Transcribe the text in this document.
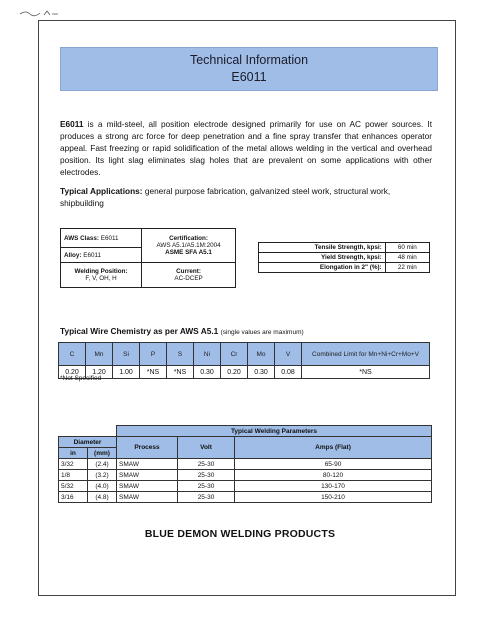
Technical Information
E6011
E6011 is a mild-steel, all position electrode designed primarily for use on AC power sources. It produces a strong arc force for deep penetration and a fine spray transfer that enhances operator appeal. Fast freezing or rapid solidification of the metal allows welding in the vertical and overhead position. Its light slag eliminates slag holes that are prevalent on some applications with other electrodes.
Typical Applications: general purpose fabrication, galvanized steel work, structural work, shipbuilding
AWS Class: E6011	Certification:
AWS A5.1/A5.1M:2004
ASME SFA A5.1
Alloy: E6011	
Welding Position:
F, V, OH, H	Current:
AC-DCEP
Tensile Strength, kpsi:	60 min
Yield Strength, kpsi:	48 min
Elongation in 2" (%):	22 min
Typical Wire Chemistry as per AWS A5.1 (single values are maximum)
C	Mn	Si	P	S	Ni	Cr	Mo	V	Combined Limit for Mn+Ni+Cr+Mo+V
0.20	1.20	1.00	*NS	*NS	0.30	0.20	0.30	0.08	*NS
*Not Specified
		Typical Welding Parameters		
Diameter		Process	Volt	Amps (Flat)
in	(mm)			
3/32	(2.4)	SMAW	25-30	65-90
1/8	(3.2)	SMAW	25-30	80-120
5/32	(4.0)	SMAW	25-30	130-170
3/16	(4.8)	SMAW	25-30	150-210
BLUE DEMON WELDING PRODUCTS
